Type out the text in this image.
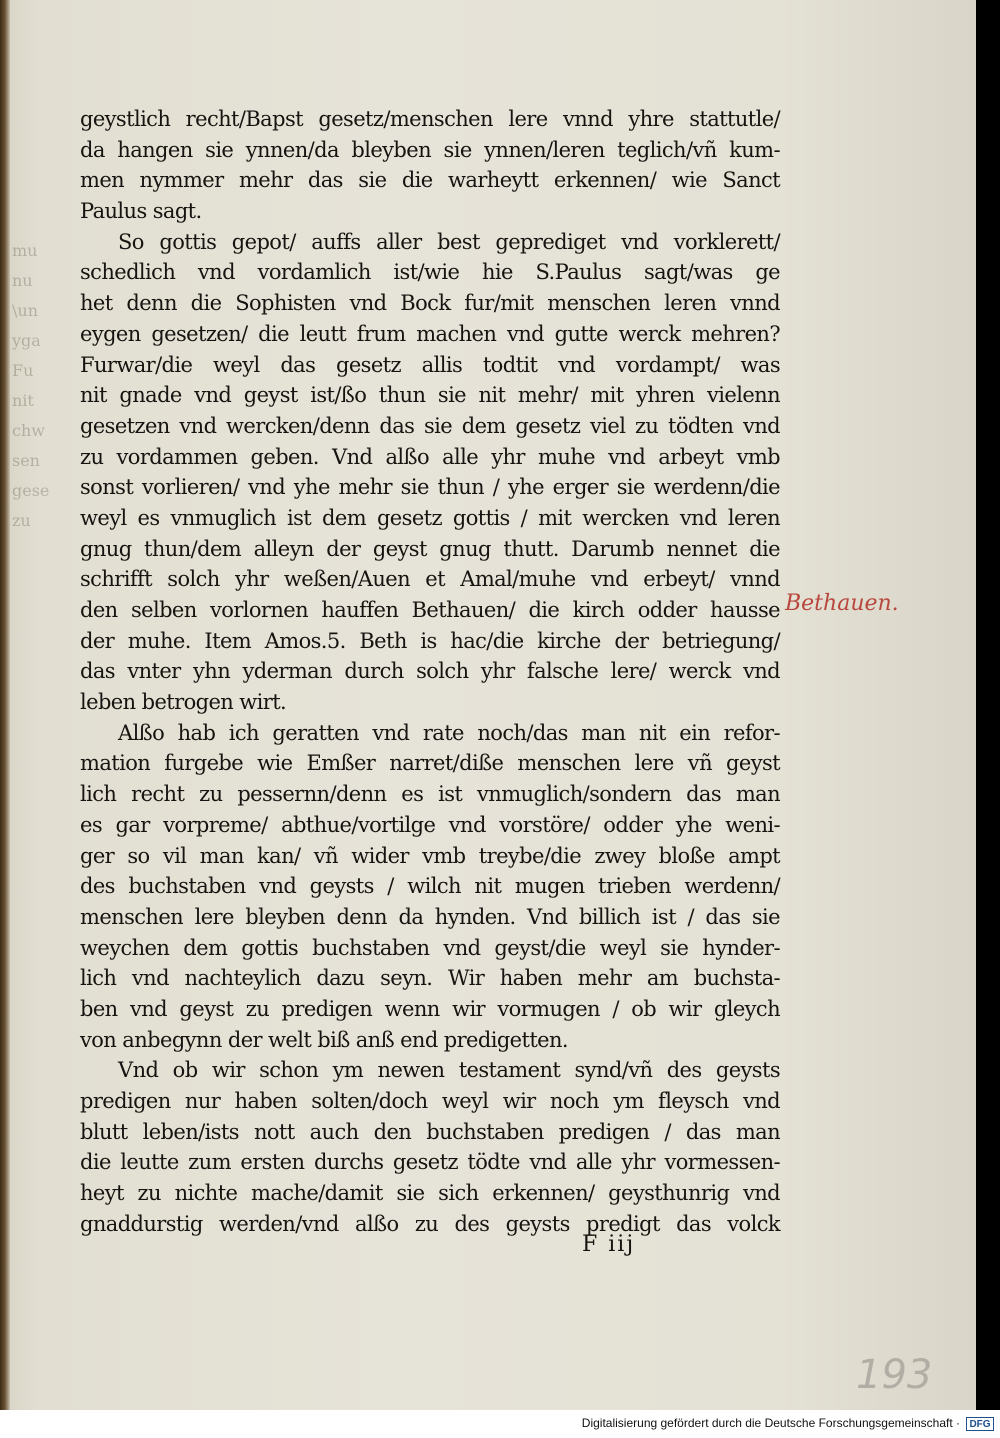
mu
nu
\un
yga
Fu
nit
chw
sen
gese
zu
geystlich recht/Bapst gesetz/menschen lere vnnd yhre stattutle/
da hangen sie ynnen/da bleyben sie ynnen/leren teglich/vñ kum-
men nymmer mehr das sie die warheytt erkennen/ wie Sanct
Paulus sagt.
So gottis gepot/ auffs aller best geprediget vnd vorklerett/
schedlich vnd vordamlich ist/wie hie S.Paulus sagt/was ge
het denn die Sophisten vnd Bock fur/mit menschen leren vnnd
eygen gesetzen/ die leutt frum machen vnd gutte werck mehren?
Furwar/die weyl das gesetz allis todtit vnd vordampt/ was
nit gnade vnd geyst ist/ßo thun sie nit mehr/ mit yhren vielenn
gesetzen vnd wercken/denn das sie dem gesetz viel zu tödten vnd
zu vordammen geben. Vnd alßo alle yhr muhe vnd arbeyt vmb
sonst vorlieren/ vnd yhe mehr sie thun / yhe erger sie werdenn/die
weyl es vnmuglich ist dem gesetz gottis / mit wercken vnd leren
gnug thun/dem alleyn der geyst gnug thutt. Darumb nennet die
schrifft solch yhr weßen/Auen et Amal/muhe vnd erbeyt/ vnnd
den selben vorlornen hauffen Bethauen/ die kirch odder hausse
der muhe. Item Amos.5. Beth is hac/die kirche der betriegung/
das vnter yhn yderman durch solch yhr falsche lere/ werck vnd
leben betrogen wirt.
Alßo hab ich geratten vnd rate noch/das man nit ein refor-
mation furgebe wie Emßer narret/diße menschen lere vñ geyst
lich recht zu pessernn/denn es ist vnmuglich/sondern das man
es gar vorpreme/ abthue/vortilge vnd vorstöre/ odder yhe weni-
ger so vil man kan/ vñ wider vmb treybe/die zwey bloße ampt
des buchstaben vnd geysts / wilch nit mugen trieben werdenn/
menschen lere bleyben denn da hynden. Vnd billich ist / das sie
weychen dem gottis buchstaben vnd geyst/die weyl sie hynder-
lich vnd nachteylich dazu seyn. Wir haben mehr am buchsta-
ben vnd geyst zu predigen wenn wir vormugen / ob wir gleych
von anbegynn der welt biß anß end predigetten.
Vnd ob wir schon ym newen testament synd/vñ des geysts
predigen nur haben solten/doch weyl wir noch ym fleysch vnd
blutt leben/ists nott auch den buchstaben predigen / das man
die leutte zum ersten durchs gesetz tödte vnd alle yhr vormessen-
heyt zu nichte mache/damit sie sich erkennen/ geysthunrig vnd
gnaddurstig werden/vnd alßo zu des geysts predigt das volck
F iij
Bethauen.
193
Digitalisierung gefördert durch die Deutsche Forschungsgemeinschaft · DFG
